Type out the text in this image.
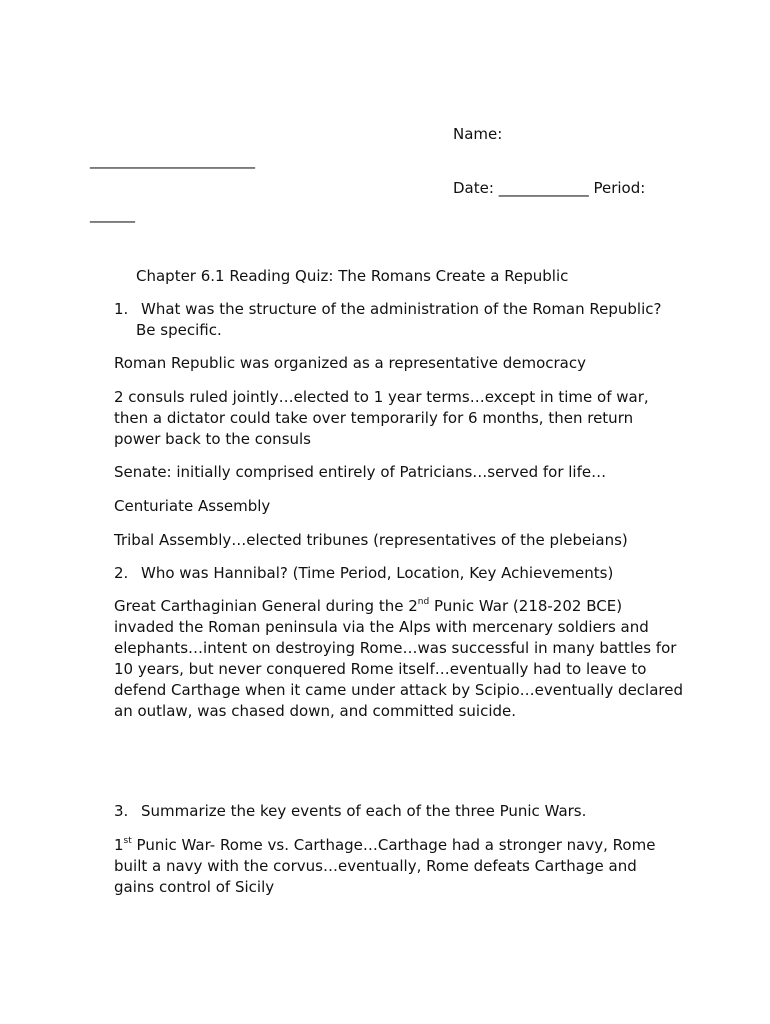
Name:
______________________
Date: ____________ Period:
______
Chapter 6.1 Reading Quiz: The Romans Create a Republic
1. What was the structure of the administration of the Roman Republic?
Be specific.

Roman Republic was organized as a representative democracy

2 consuls ruled jointly…elected to 1 year terms…except in time of war, then a dictator could take over temporarily for 6 months, then return power back to the consuls

Senate: initially comprised entirely of Patricians…served for life…

Centuriate Assembly

Tribal Assembly…elected tribunes (representatives of the plebeians)

2. Who was Hannibal? (Time Period, Location, Key Achievements)

Great Carthaginian General during the 2nd Punic War (218-202 BCE) invaded the Roman peninsula via the Alps with mercenary soldiers and elephants…intent on destroying Rome…was successful in many battles for 10 years, but never conquered Rome itself…eventually had to leave to defend Carthage when it came under attack by Scipio…eventually declared an outlaw, was chased down, and committed suicide.

3. Summarize the key events of each of the three Punic Wars.

1st Punic War- Rome vs. Carthage…Carthage had a stronger navy, Rome built a navy with the corvus…eventually, Rome defeats Carthage and gains control of Sicily
